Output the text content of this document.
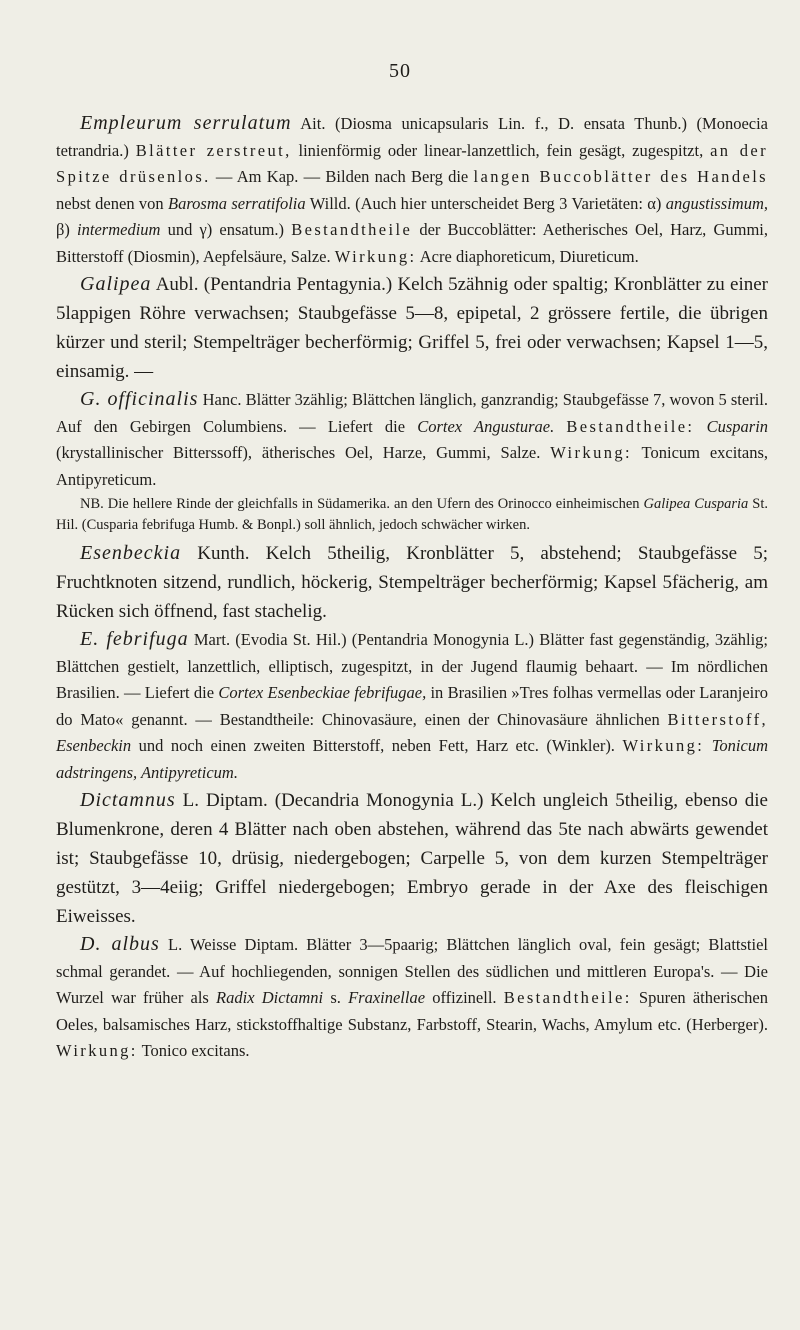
50

Empleurum serrulatum Ait. (Diosma unicapsularis Lin. f., D. ensata Thunb.) (Monoecia tetrandria.) Blätter zerstreut, linienförmig oder linear-lanzettlich, fein gesägt, zugespitzt, an der Spitze drüsenlos. — Am Kap. — Bilden nach Berg die langen Buccoblätter des Handels nebst denen von Barosma serratifolia Willd. (Auch hier unterscheidet Berg 3 Varietäten: α) angustissimum, β) intermedium und γ) ensatum.) Bestandtheile der Buccoblätter: Aetherisches Oel, Harz, Gummi, Bitterstoff (Diosmin), Aepfelsäure, Salze. Wirkung: Acre diaphoreticum, Diureticum.

Galipea Aubl. (Pentandria Pentagynia.) Kelch 5zähnig oder spaltig; Kronblätter zu einer 5lappigen Röhre verwachsen; Staubgefässe 5—8, epipetal, 2 grössere fertile, die übrigen kürzer und steril; Stempelträger becherförmig; Griffel 5, frei oder verwachsen; Kapsel 1—5, einsamig. —

G. officinalis Hanc. Blätter 3zählig; Blättchen länglich, ganzrandig; Staubgefässe 7, wovon 5 steril. Auf den Gebirgen Columbiens. — Liefert die Cortex Angusturae. Bestandtheile: Cusparin (krystallinischer Bitterssoff), ätherisches Oel, Harze, Gummi, Salze. Wirkung: Tonicum excitans, Antipyreticum.

NB. Die hellere Rinde der gleichfalls in Südamerika. an den Ufern des Orinocco einheimischen Galipea Cusparia St. Hil. (Cusparia febrifuga Humb. & Bonpl.) soll ähnlich, jedoch schwächer wirken.

Esenbeckia Kunth. Kelch 5theilig, Kronblätter 5, abstehend; Staubgefässe 5; Fruchtknoten sitzend, rundlich, höckerig, Stempelträger becherförmig; Kapsel 5fächerig, am Rücken sich öffnend, fast stachelig.

E. febrifuga Mart. (Evodia St. Hil.) (Pentandria Monogynia L.) Blätter fast gegenständig, 3zählig; Blättchen gestielt, lanzettlich, elliptisch, zugespitzt, in der Jugend flaumig behaart. — Im nördlichen Brasilien. — Liefert die Cortex Esenbeckiae febrifugae, in Brasilien »Tres folhas vermellas oder Laranjeiro do Mato« genannt. — Bestandtheile: Chinovasäure, einen der Chinovasäure ähnlichen Bitterstoff, Esenbeckin und noch einen zweiten Bitterstoff, neben Fett, Harz etc. (Winkler). Wirkung: Tonicum adstringens, Antipyreticum.

Dictamnus L. Diptam. (Decandria Monogynia L.) Kelch ungleich 5theilig, ebenso die Blumenkrone, deren 4 Blätter nach oben abstehen, während das 5te nach abwärts gewendet ist; Staubgefässe 10, drüsig, niedergebogen; Carpelle 5, von dem kurzen Stempelträger gestützt, 3—4eiig; Griffel niedergebogen; Embryo gerade in der Axe des fleischigen Eiweisses.

D. albus L. Weisse Diptam. Blätter 3—5paarig; Blättchen länglich oval, fein gesägt; Blattstiel schmal gerandet. — Auf hochliegenden, sonnigen Stellen des südlichen und mittleren Europa's. — Die Wurzel war früher als Radix Dictamni s. Fraxinellae offizinell. Bestandtheile: Spuren ätherischen Oeles, balsamisches Harz, stickstoffhaltige Substanz, Farbstoff, Stearin, Wachs, Amylum etc. (Herberger). Wirkung: Tonico excitans.
